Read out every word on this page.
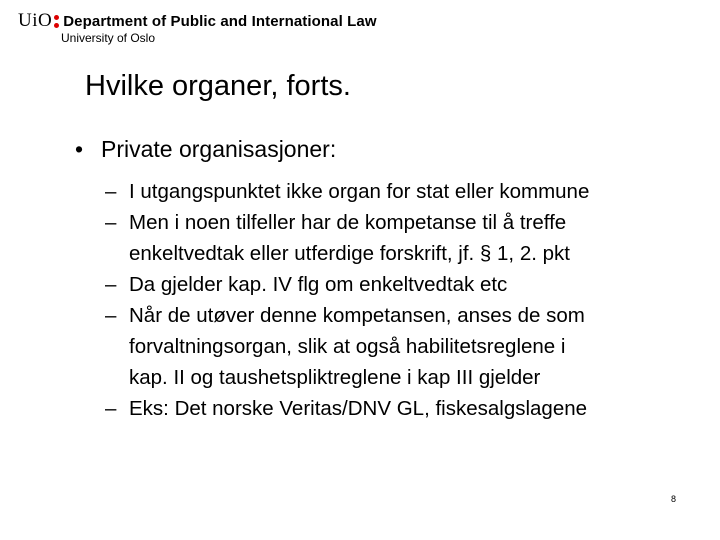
UiO Department of Public and International Law
University of Oslo
Hvilke organer, forts.
• Private organisasjoner:
– I utgangspunktet ikke organ for stat eller kommune
– Men i noen tilfeller har de kompetanse til å treffe
enkeltvedtak eller utferdige forskrift, jf. § 1, 2. pkt
– Da gjelder kap. IV flg om enkeltvedtak etc
– Når de utøver denne kompetansen, anses de som
forvaltningsorgan, slik at også habilitetsreglene i
kap. II og taushetspliktreglene i kap III gjelder
– Eks: Det norske Veritas/DNV GL, fiskesalgslagene
8
